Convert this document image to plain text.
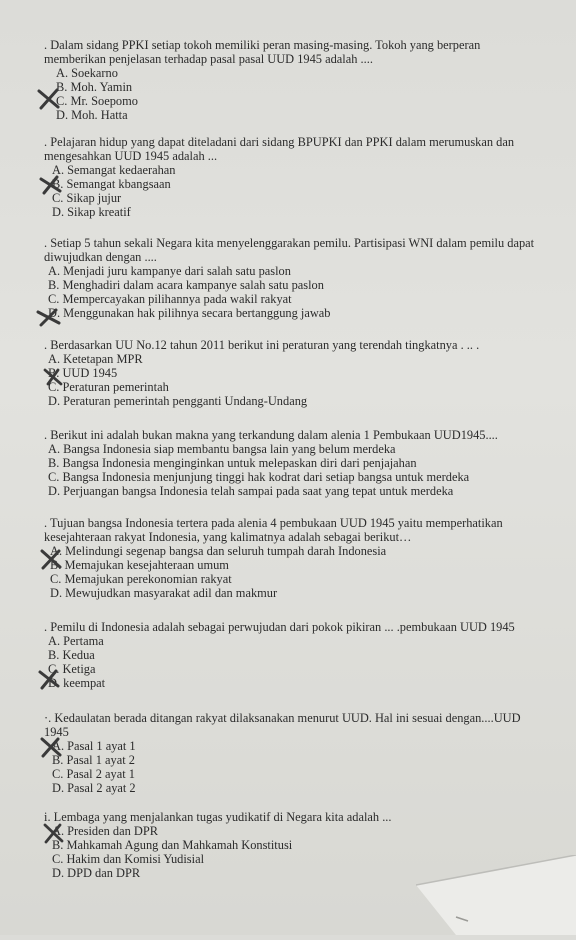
. Dalam sidang PPKI setiap tokoh memiliki peran masing-masing. Tokoh yang berperan memberikan penjelasan terhadap pasal pasal UUD 1945 adalah ....

A. Soekarno
B. Moh. Yamin
C. Mr. Soepomo
D. Moh. Hatta

. Pelajaran hidup yang dapat diteladani dari sidang BPUPKI dan PPKI dalam merumuskan dan mengesahkan UUD 1945 adalah ...

A. Semangat kedaerahan
B. Semangat kbangsaan
C. Sikap jujur
D. Sikap kreatif

. Setiap 5 tahun sekali Negara kita menyelenggarakan pemilu. Partisipasi WNI dalam pemilu dapat diwujudkan dengan ....

A. Menjadi juru kampanye dari salah satu paslon
B. Menghadiri dalam acara kampanye salah satu paslon
C. Mempercayakan pilihannya pada wakil rakyat
D. Menggunakan hak pilihnya secara bertanggung jawab

. Berdasarkan UU No.12 tahun 2011 berikut ini peraturan yang terendah tingkatnya . .. .

A. Ketetapan MPR
B. UUD 1945
C. Peraturan pemerintah
D. Peraturan pemerintah pengganti Undang-Undang

. Berikut ini adalah bukan makna yang terkandung dalam alenia 1 Pembukaan UUD1945....

A. Bangsa Indonesia siap membantu bangsa lain yang belum merdeka
B. Bangsa Indonesia menginginkan untuk melepaskan diri dari penjajahan
C. Bangsa Indonesia menjunjung tinggi hak kodrat dari setiap bangsa untuk merdeka
D. Perjuangan bangsa Indonesia telah sampai pada saat yang tepat untuk merdeka

. Tujuan bangsa Indonesia tertera pada alenia 4 pembukaan UUD 1945 yaitu memperhatikan kesejahteraan rakyat Indonesia, yang kalimatnya adalah sebagai berikut…

A. Melindungi segenap bangsa dan seluruh tumpah darah Indonesia
B. Memajukan kesejahteraan umum
C. Memajukan perekonomian rakyat
D. Mewujudkan masyarakat adil dan makmur

. Pemilu di Indonesia adalah sebagai perwujudan dari pokok pikiran ... .pembukaan UUD 1945

A. Pertama
B. Kedua
C. Ketiga
D. keempat

·. Kedaulatan berada ditangan rakyat dilaksanakan menurut UUD. Hal ini sesuai dengan....UUD 1945

A. Pasal 1 ayat 1
B. Pasal 1 ayat 2
C. Pasal 2 ayat 1
D. Pasal 2 ayat 2

i. Lembaga yang menjalankan tugas yudikatif di Negara kita adalah ...

A. Presiden dan DPR
B. Mahkamah Agung dan Mahkamah Konstitusi
C. Hakim dan Komisi Yudisial
D. DPD dan DPR
